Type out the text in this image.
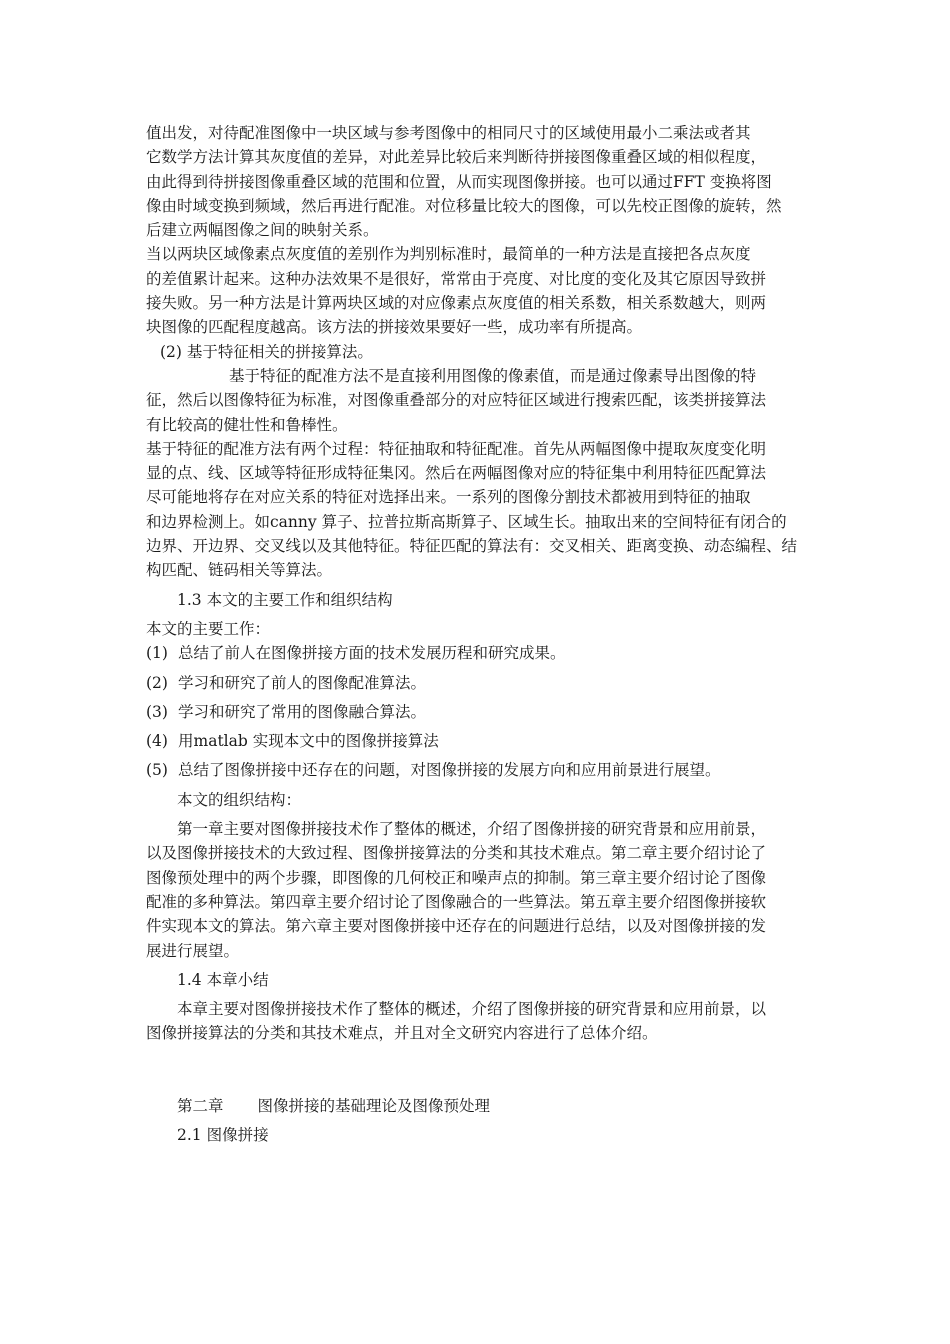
值出发，对待配准图像中一块区域与参考图像中的相同尺寸的区域使用最小二乘法或者其
它数学方法计算其灰度值的差异，对此差异比较后来判断待拼接图像重叠区域的相似程度，
由此得到待拼接图像重叠区域的范围和位置，从而实现图像拼接。也可以通过FFT 变换将图
像由时域变换到频域，然后再进行配准。对位移量比较大的图像，可以先校正图像的旋转，然
后建立两幅图像之间的映射关系。
当以两块区域像素点灰度值的差别作为判别标准时，最简单的一种方法是直接把各点灰度
的差值累计起来。这种办法效果不是很好，常常由于亮度、对比度的变化及其它原因导致拼
接失败。另一种方法是计算两块区域的对应像素点灰度值的相关系数，相关系数越大，则两
块图像的匹配程度越高。该方法的拼接效果要好一些，成功率有所提高。
(2) 基于特征相关的拼接算法。
基于特征的配准方法不是直接利用图像的像素值，而是通过像素导出图像的特
征，然后以图像特征为标准，对图像重叠部分的对应特征区域进行搜索匹配，该类拼接算法
有比较高的健壮性和鲁棒性。
基于特征的配准方法有两个过程：特征抽取和特征配准。首先从两幅图像中提取灰度变化明
显的点、线、区域等特征形成特征集冈。然后在两幅图像对应的特征集中利用特征匹配算法
尽可能地将存在对应关系的特征对选择出来。一系列的图像分割技术都被用到特征的抽取
和边界检测上。如canny 算子、拉普拉斯高斯算子、区域生长。抽取出来的空间特征有闭合的
边界、开边界、交叉线以及其他特征。特征匹配的算法有：交叉相关、距离变换、动态编程、结
构匹配、链码相关等算法。
1.3 本文的主要工作和组织结构
本文的主要工作：
(1) 总结了前人在图像拼接方面的技术发展历程和研究成果。
(2) 学习和研究了前人的图像配准算法。
(3) 学习和研究了常用的图像融合算法。
(4) 用matlab 实现本文中的图像拼接算法
(5) 总结了图像拼接中还存在的问题，对图像拼接的发展方向和应用前景进行展望。
本文的组织结构：
第一章主要对图像拼接技术作了整体的概述，介绍了图像拼接的研究背景和应用前景，
以及图像拼接技术的大致过程、图像拼接算法的分类和其技术难点。第二章主要介绍讨论了
图像预处理中的两个步骤，即图像的几何校正和噪声点的抑制。第三章主要介绍讨论了图像
配准的多种算法。第四章主要介绍讨论了图像融合的一些算法。第五章主要介绍图像拼接软
件实现本文的算法。第六章主要对图像拼接中还存在的问题进行总结，以及对图像拼接的发
展进行展望。
1.4 本章小结
本章主要对图像拼接技术作了整体的概述，介绍了图像拼接的研究背景和应用前景，以
图像拼接算法的分类和其技术难点，并且对全文研究内容进行了总体介绍。
第二章 图像拼接的基础理论及图像预处理
2.1 图像拼接
